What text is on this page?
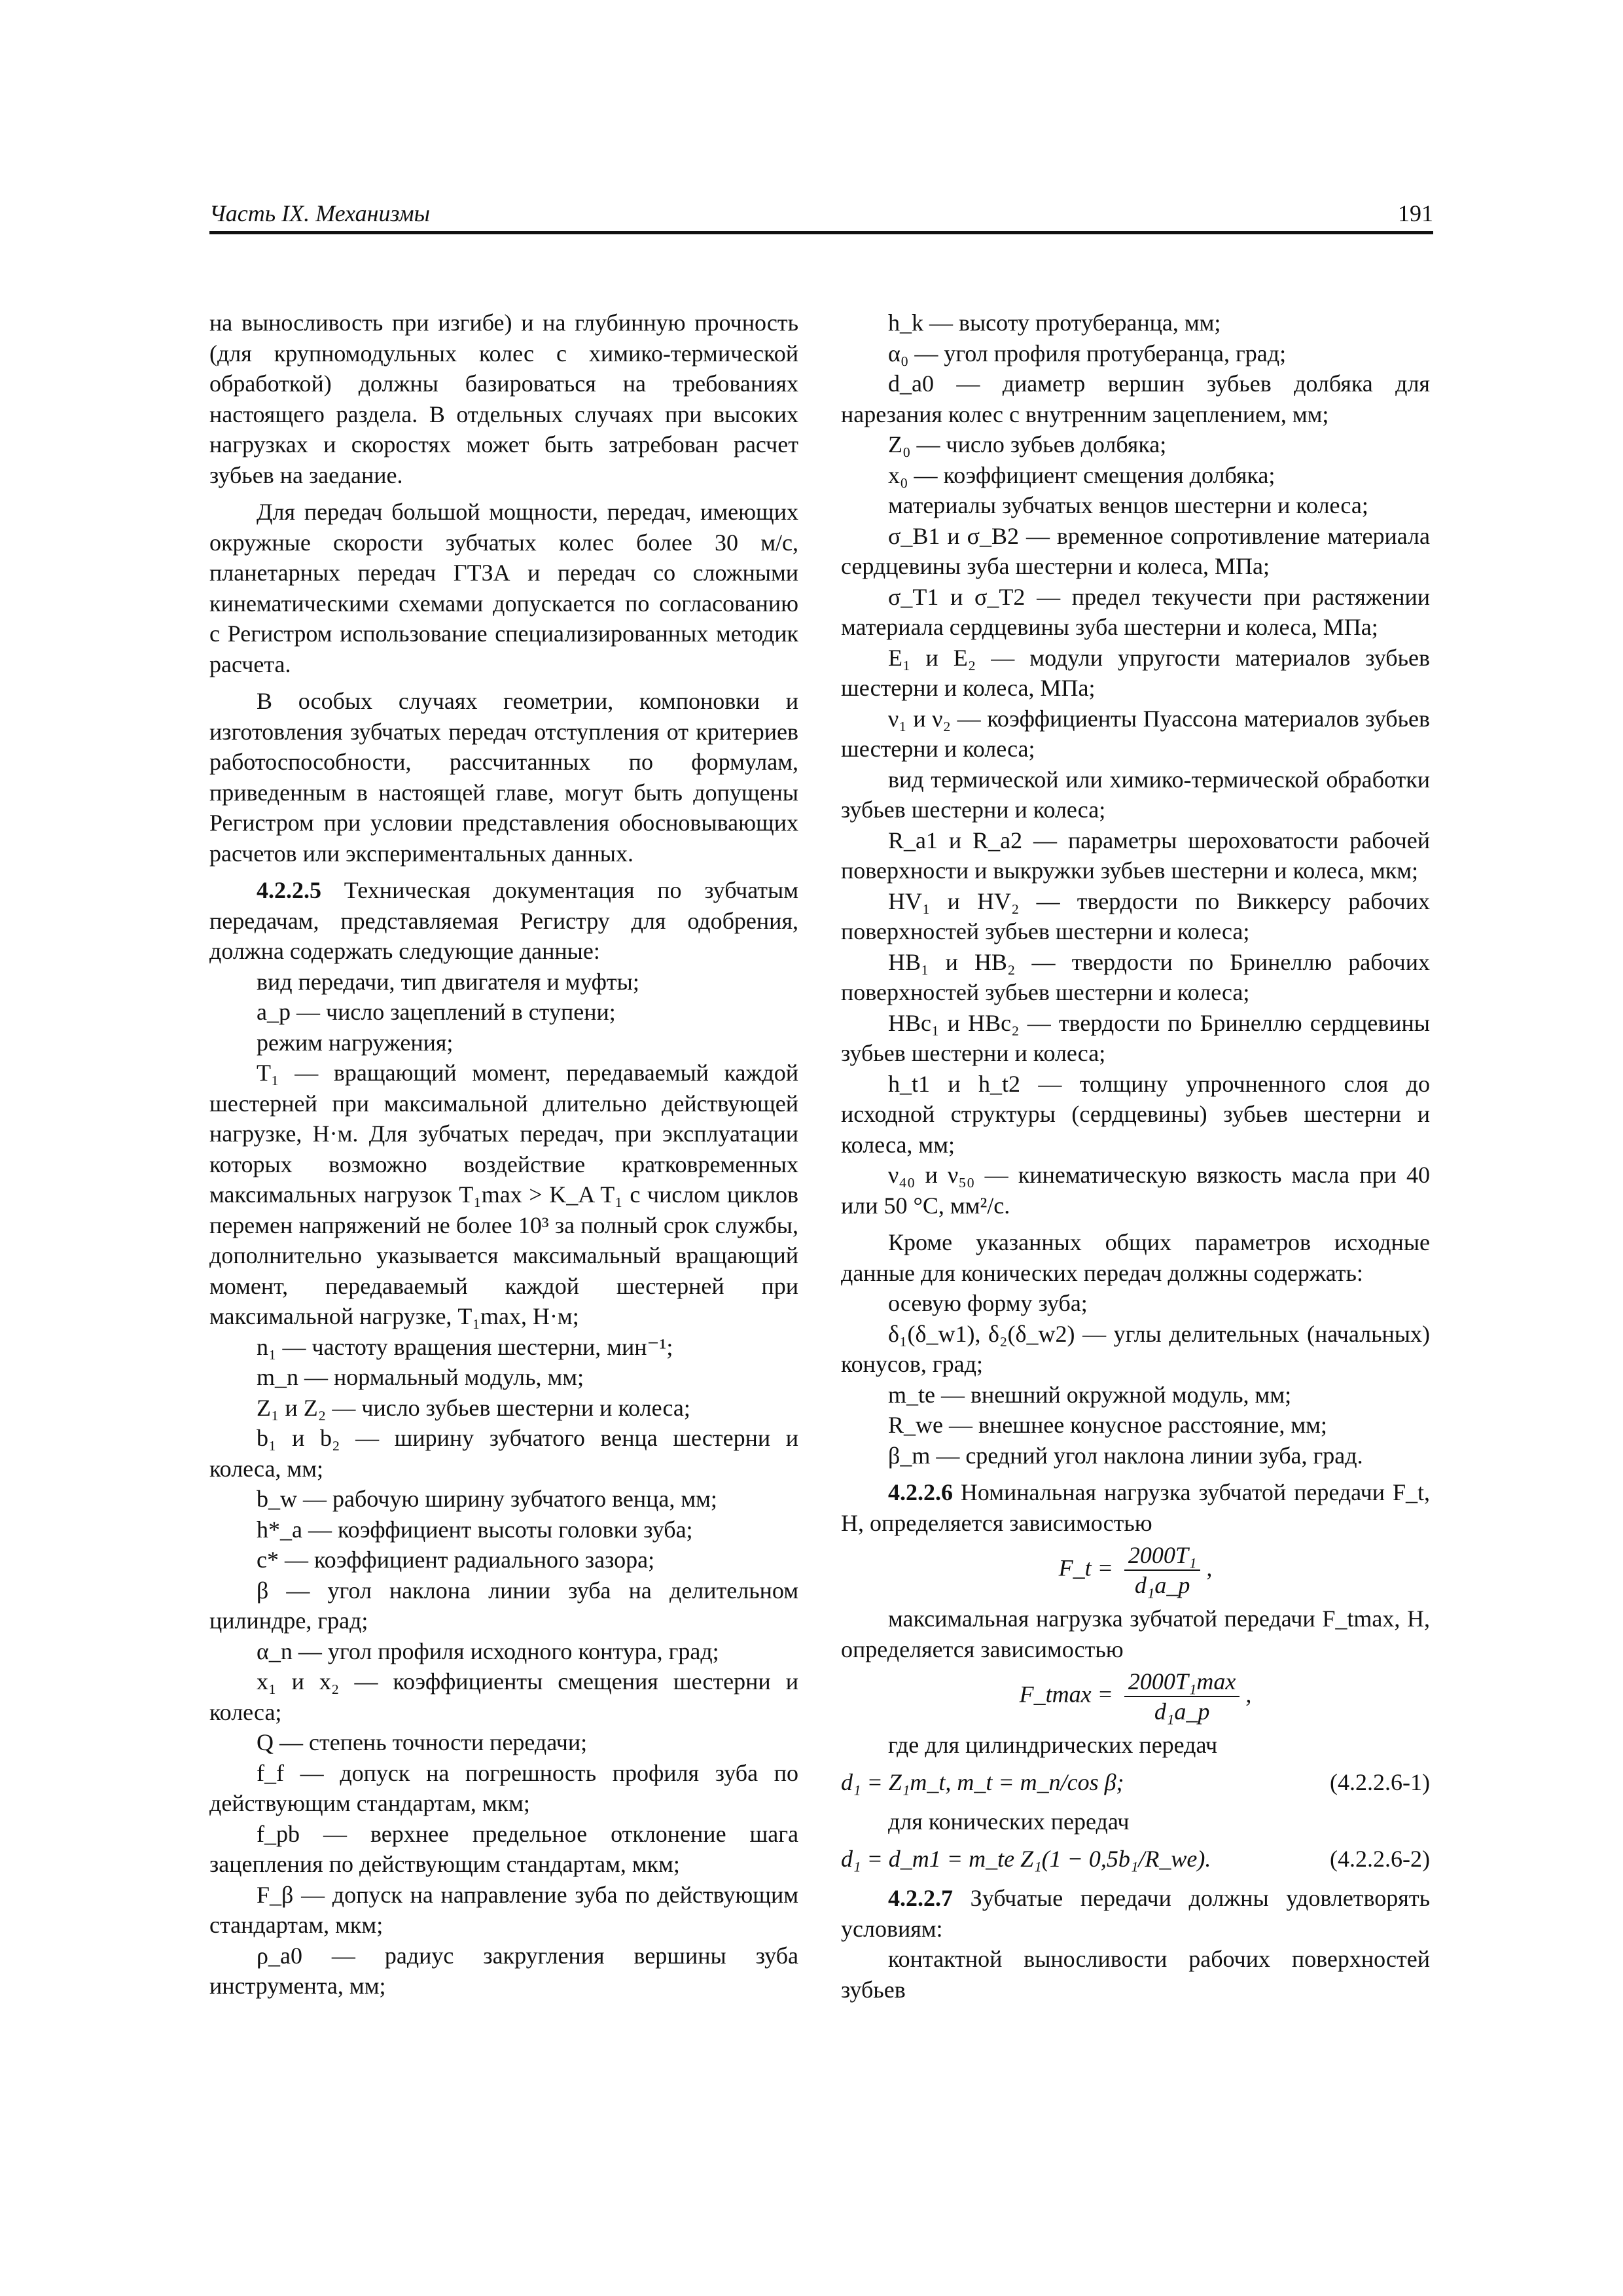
Часть IX. Механизмы	191

на выносливость при изгибе) и на глубинную прочность (для крупномодульных колес с химико-термической обработкой) должны базироваться на требованиях настоящего раздела. В отдельных случаях при высоких нагрузках и скоростях может быть затребован расчет зубьев на заедание.

Для передач большой мощности, передач, имеющих окружные скорости зубчатых колес более 30 м/с, планетарных передач ГТЗА и передач со сложными кинематическими схемами допускается по согласованию с Регистром использование специализированных методик расчета.

В особых случаях геометрии, компоновки и изготовления зубчатых передач отступления от критериев работоспособности, рассчитанных по формулам, приведенным в настоящей главе, могут быть допущены Регистром при условии представления обосновывающих расчетов или экспериментальных данных.

4.2.2.5 Техническая документация по зубчатым передачам, представляемая Регистру для одобрения, должна содержать следующие данные:

вид передачи, тип двигателя и муфты;

a_p — число зацеплений в ступени;

режим нагружения;

T₁ — вращающий момент, передаваемый каждой шестерней при максимальной длительно действующей нагрузке, Н·м. Для зубчатых передач, при эксплуатации которых возможно воздействие кратковременных максимальных нагрузок T₁max > K_A T₁ с числом циклов перемен напряжений не более 10³ за полный срок службы, дополнительно указывается максимальный вращающий момент, передаваемый каждой шестерней при максимальной нагрузке, T₁max, Н·м;

n₁ — частоту вращения шестерни, мин⁻¹;

m_n — нормальный модуль, мм;

Z₁ и Z₂ — число зубьев шестерни и колеса;

b₁ и b₂ — ширину зубчатого венца шестерни и колеса, мм;

b_w — рабочую ширину зубчатого венца, мм;

h*_a — коэффициент высоты головки зуба;

c* — коэффициент радиального зазора;

β — угол наклона линии зуба на делительном цилиндре, град;

α_n — угол профиля исходного контура, град;

x₁ и x₂ — коэффициенты смещения шестерни и колеса;

Q — степень точности передачи;

f_f — допуск на погрешность профиля зуба по действующим стандартам, мкм;

f_pb — верхнее предельное отклонение шага зацепления по действующим стандартам, мкм;

F_β — допуск на направление зуба по действующим стандартам, мкм;

ρ_a0 — радиус закругления вершины зуба инструмента, мм;

h_k — высоту протуберанца, мм;

α₀ — угол профиля протуберанца, град;

d_a0 — диаметр вершин зубьев долбяка для нарезания колес с внутренним зацеплением, мм;

Z₀ — число зубьев долбяка;

x₀ — коэффициент смещения долбяка;

материалы зубчатых венцов шестерни и колеса;

σ_B1 и σ_B2 — временное сопротивление материала сердцевины зуба шестерни и колеса, МПа;

σ_T1 и σ_T2 — предел текучести при растяжении материала сердцевины зуба шестерни и колеса, МПа;

E₁ и E₂ — модули упругости материалов зубьев шестерни и колеса, МПа;

ν₁ и ν₂ — коэффициенты Пуассона материалов зубьев шестерни и колеса;

вид термической или химико-термической обработки зубьев шестерни и колеса;

R_a1 и R_a2 — параметры шероховатости рабочей поверхности и выкружки зубьев шестерни и колеса, мкм;

HV₁ и HV₂ — твердости по Виккерсу рабочих поверхностей зубьев шестерни и колеса;

HB₁ и HB₂ — твердости по Бринеллю рабочих поверхностей зубьев шестерни и колеса;

HBc₁ и HBc₂ — твердости по Бринеллю сердцевины зубьев шестерни и колеса;

h_t1 и h_t2 — толщину упрочненного слоя до исходной структуры (сердцевины) зубьев шестерни и колеса, мм;

ν₄₀ и ν₅₀ — кинематическую вязкость масла при 40 или 50 °С, мм²/с.

Кроме указанных общих параметров исходные данные для конических передач должны содержать:

осевую форму зуба;

δ₁(δ_w1), δ₂(δ_w2) — углы делительных (начальных) конусов, град;

m_te — внешний окружной модуль, мм;

R_we — внешнее конусное расстояние, мм;

β_m — средний угол наклона линии зуба, град.

4.2.2.6 Номинальная нагрузка зубчатой передачи F_t, Н, определяется зависимостью

F_t = $\frac{\text{2000T₁}}{\text{d₁a\_p}}$ ,

максимальная нагрузка зубчатой передачи F_tmax, Н, определяется зависимостью

F_tmax = $\frac{\text{2000T₁max}}{\text{d₁a\_p}}$ ,

где для цилиндрических передач

d₁ = Z₁m_t, m_t = m_n/cos β;	(4.2.2.6-1)

для конических передач

d₁ = d_m1 = m_te Z₁(1 − 0,5b₁/R_we).	(4.2.2.6-2)

4.2.2.7 Зубчатые передачи должны удовлетворять условиям:

контактной выносливости рабочих поверхностей зубьев
